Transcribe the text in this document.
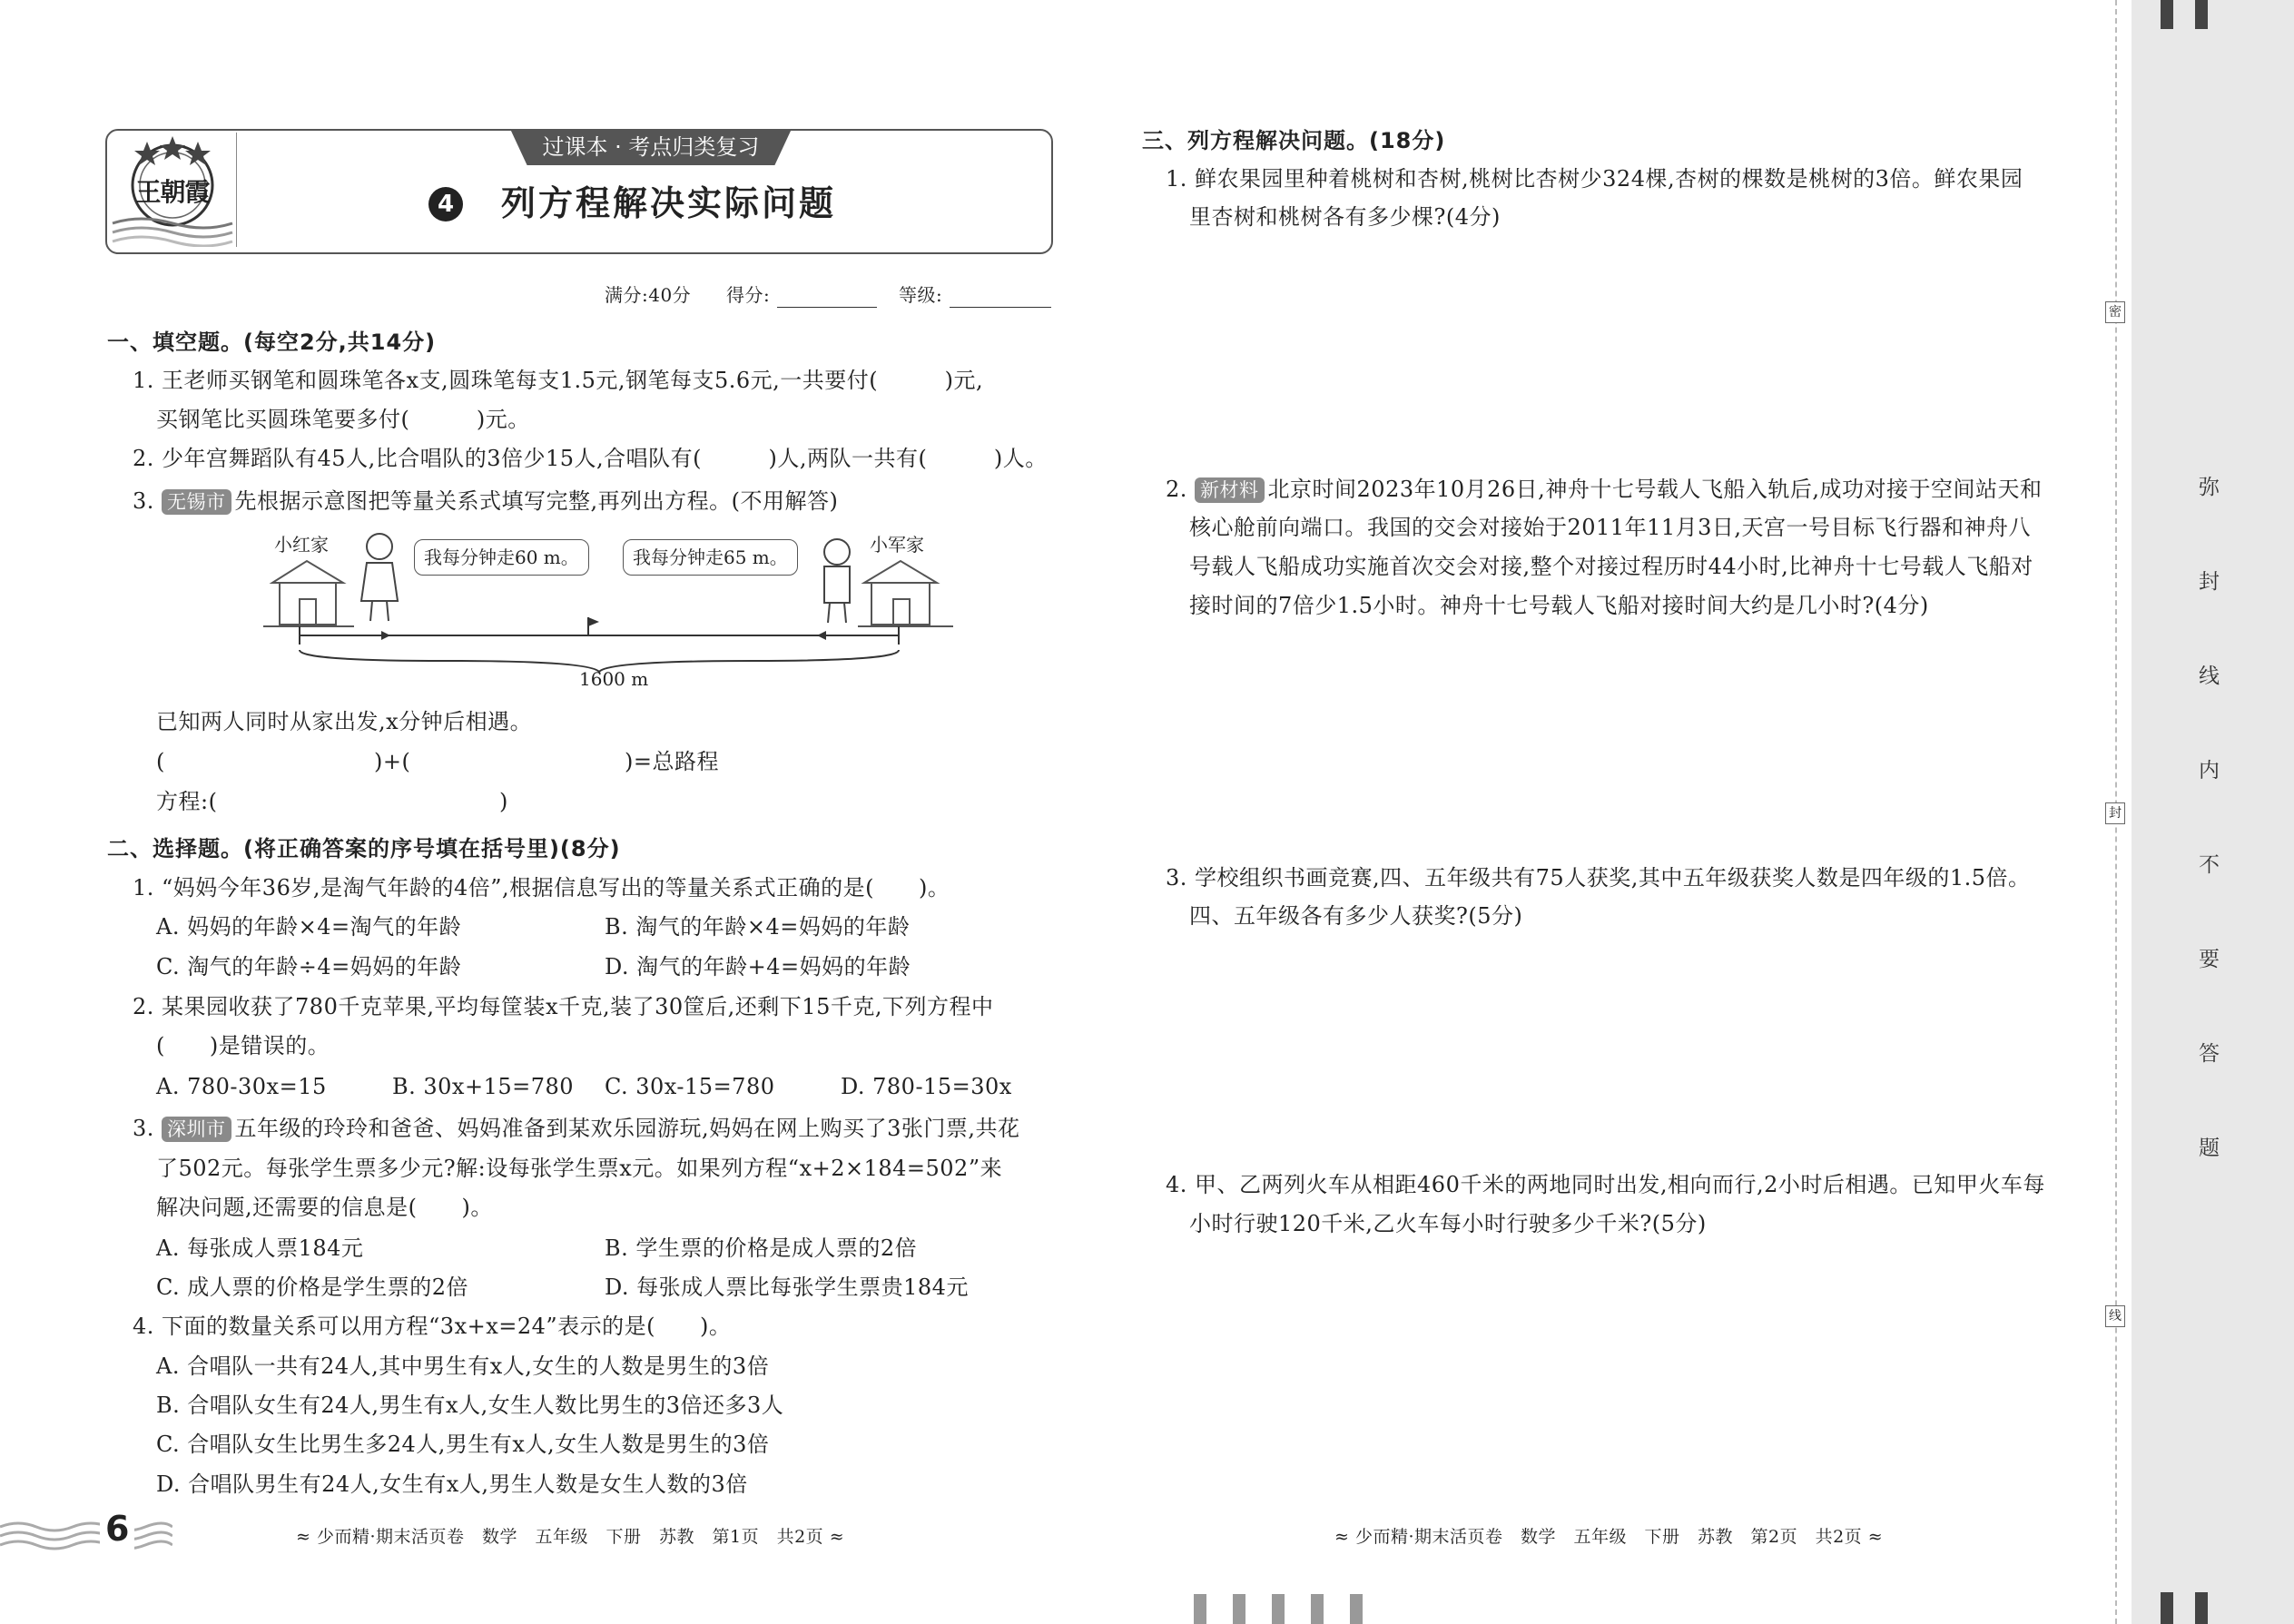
王朝霞
过课本 · 考点归类复习
4 列方程解决实际问题
满分:40分 得分:	等级:
一、填空题。(每空2分,共14分)
1. 王老师买钢笔和圆珠笔各x支,圆珠笔每支1.5元,钢笔每支5.6元,一共要付(　　　)元,
买钢笔比买圆珠笔要多付(　　　)元。
2. 少年宫舞蹈队有45人,比合唱队的3倍少15人,合唱队有(　　　)人,两队一共有(　　　)人。
3. 无锡市 先根据示意图把等量关系式填写完整,再列出方程。(不用解答)
小红家	小军家
我每分钟走60 m。	我每分钟走65 m。
1600 m
已知两人同时从家出发,x分钟后相遇。
(	)+(	)=总路程
方程:(	)
二、选择题。(将正确答案的序号填在括号里)(8分)
1. “妈妈今年36岁,是淘气年龄的4倍”,根据信息写出的等量关系式正确的是(　　)。
A. 妈妈的年龄×4=淘气的年龄	B. 淘气的年龄×4=妈妈的年龄
C. 淘气的年龄÷4=妈妈的年龄	D. 淘气的年龄+4=妈妈的年龄
2. 某果园收获了780千克苹果,平均每筐装x千克,装了30筐后,还剩下15千克,下列方程中
(　　)是错误的。
A. 780-30x=15	B. 30x+15=780 C. 30x-15=780	D. 780-15=30x
3. 深圳市 五年级的玲玲和爸爸、妈妈准备到某欢乐园游玩,妈妈在网上购买了3张门票,共花
了502元。每张学生票多少元?解:设每张学生票x元。如果列方程“x+2×184=502”来
解决问题,还需要的信息是(　　)。
A. 每张成人票184元	B. 学生票的价格是成人票的2倍
C. 成人票的价格是学生票的2倍	D. 每张成人票比每张学生票贵184元
4. 下面的数量关系可以用方程“3x+x=24”表示的是(　　)。
A. 合唱队一共有24人,其中男生有x人,女生的人数是男生的3倍
B. 合唱队女生有24人,男生有x人,女生人数比男生的3倍还多3人
C. 合唱队女生比男生多24人,男生有x人,女生人数是男生的3倍
D. 合唱队男生有24人,女生有x人,男生人数是女生人数的3倍
6	≈ 少而精·期末活页卷　数学　五年级　下册　苏教　第1页　共2页 ≈
三、列方程解决问题。(18分)
1. 鲜农果园里种着桃树和杏树,桃树比杏树少324棵,杏树的棵数是桃树的3倍。鲜农果园
里杏树和桃树各有多少棵?(4分)
2. 新材料 北京时间2023年10月26日,神舟十七号载人飞船入轨后,成功对接于空间站天和
核心舱前向端口。我国的交会对接始于2011年11月3日,天宫一号目标飞行器和神舟八
号载人飞船成功实施首次交会对接,整个对接过程历时44小时,比神舟十七号载人飞船对
接时间的7倍少1.5小时。神舟十七号载人飞船对接时间大约是几小时?(4分)
3. 学校组织书画竞赛,四、五年级共有75人获奖,其中五年级获奖人数是四年级的1.5倍。
四、五年级各有多少人获奖?(5分)
4. 甲、乙两列火车从相距460千米的两地同时出发,相向而行,2小时后相遇。已知甲火车每
小时行驶120千米,乙火车每小时行驶多少千米?(5分)
≈ 少而精·期末活页卷　数学　五年级　下册　苏教　第2页　共2页 ≈
密
封
线
弥
封
线
内
不
要
答
题
